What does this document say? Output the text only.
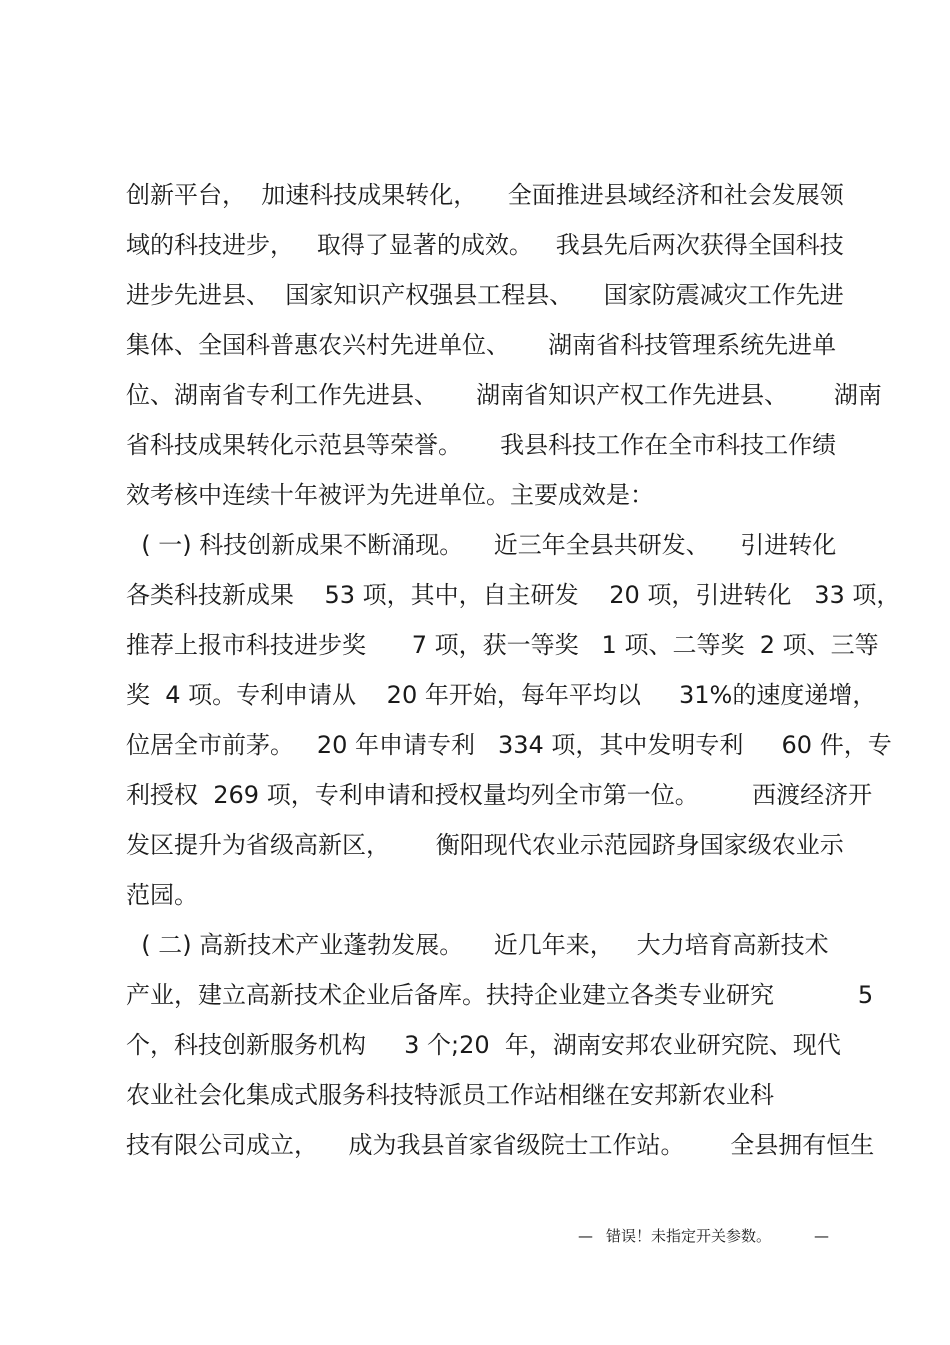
创新平台，  加速科技成果转化，    全面推进县域经济和社会发展领
域的科技进步，   取得了显著的成效。   我县先后两次获得全国科技
进步先进县、  国家知识产权强县工程县、    国家防震减灾工作先进
集体、全国科普惠农兴村先进单位、     湖南省科技管理系统先进单
位、湖南省专利工作先进县、     湖南省知识产权工作先进县、      湖南
省科技成果转化示范县等荣誉。     我县科技工作在全市科技工作绩
效考核中连续十年被评为先进单位。主要成效是：
( 一) 科技创新成果不断涌现。    近三年全县共研发、    引进转化
各类科技新成果    53 项，其中，自主研发    20 项，引进转化   33 项，
推荐上报市科技进步奖      7 项，获一等奖   1 项、二等奖  2 项、三等
奖  4 项。专利申请从    20 年开始，每年平均以     31%的速度递增，
位居全市前茅。   20 年申请专利   334 项，其中发明专利     60 件，专
利授权  269 项，专利申请和授权量均列全市第一位。       西渡经济开
发区提升为省级高新区，      衡阳现代农业示范园跻身国家级农业示
范园。
( 二) 高新技术产业蓬勃发展。    近几年来，   大力培育高新技术
产业，建立高新技术企业后备库。扶持企业建立各类专业研究           5
个，科技创新服务机构     3 个;20  年，湖南安邦农业研究院、现代
农业社会化集成式服务科技特派员工作站相继在安邦新农业科
技有限公司成立，    成为我县首家省级院士工作站。      全县拥有恒生
— 错误！未指定开关参数。	—
